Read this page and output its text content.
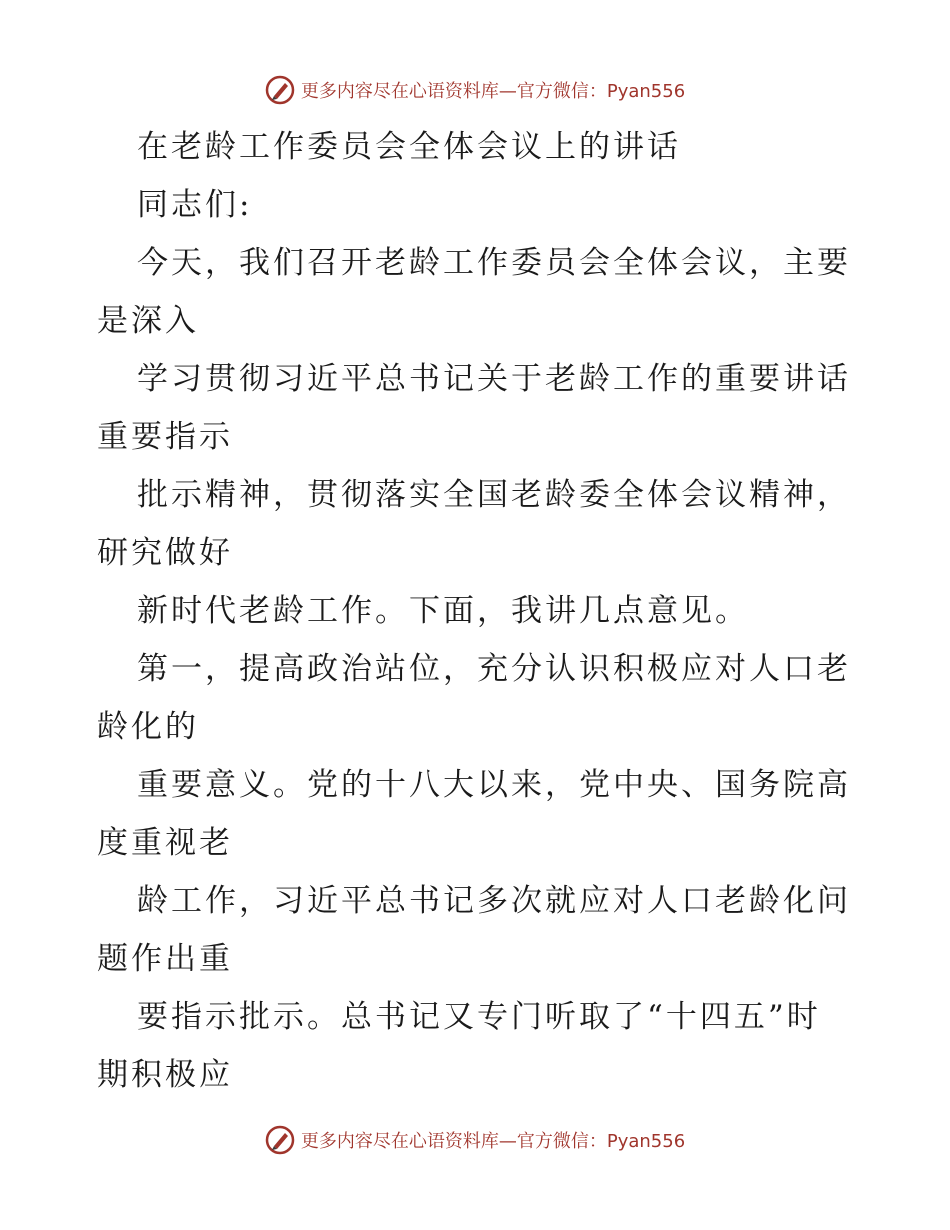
更多内容尽在心语资料库—官方微信：Pyan556
在老龄工作委员会全体会议上的讲话
同志们:
今天，我们召开老龄工作委员会全体会议，主要
是深入
学习贯彻习近平总书记关于老龄工作的重要讲话
重要指示
批示精神，贯彻落实全国老龄委全体会议精神，
研究做好
新时代老龄工作。下面，我讲几点意见。
第一，提高政治站位，充分认识积极应对人口老
龄化的
重要意义。党的十八大以来，党中央、国务院高
度重视老
龄工作，习近平总书记多次就应对人口老龄化问
题作出重
要指示批示。总书记又专门听取了“十四五”时
期积极应
更多内容尽在心语资料库—官方微信：Pyan556
